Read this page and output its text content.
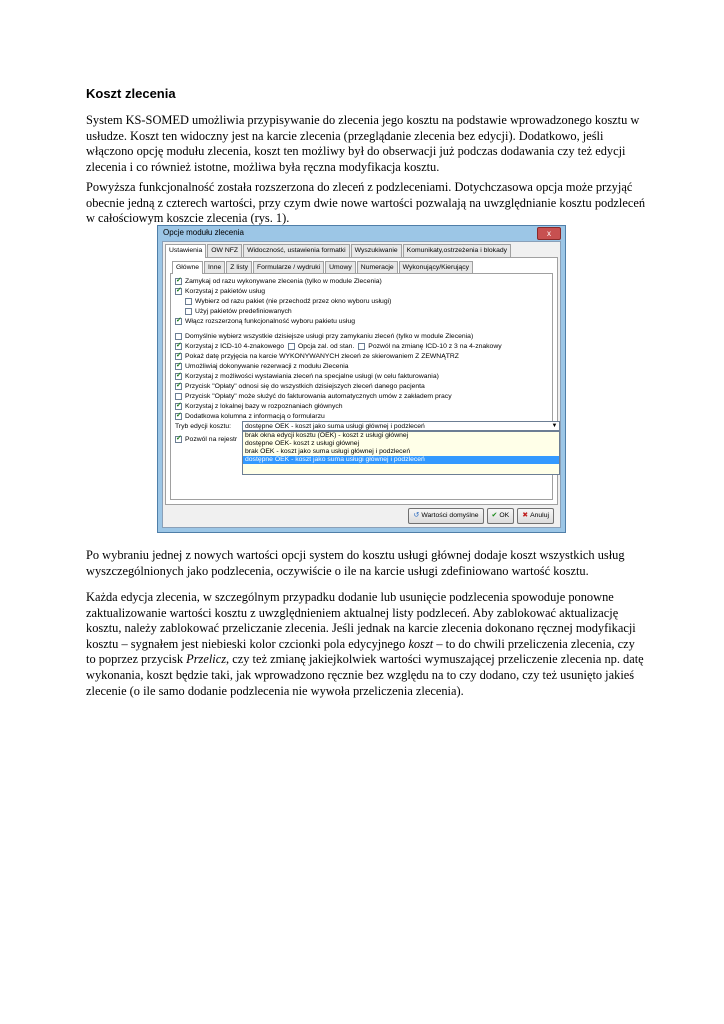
Koszt zlecenia
System KS-SOMED umożliwia przypisywanie do zlecenia jego kosztu na podstawie wprowadzonego kosztu w usłudze. Koszt ten widoczny jest na karcie zlecenia (przeglądanie zlecenia bez edycji). Dodatkowo, jeśli włączono opcję modułu zlecenia, koszt ten możliwy był do obserwacji już podczas dodawania czy też edycji zlecenia i co również istotne, możliwa była ręczna modyfikacja kosztu.
Powyższa funkcjonalność została rozszerzona do zleceń z podzleceniami. Dotychczasowa opcja może przyjąć obecnie jedną z czterech wartości, przy czym dwie nowe wartości pozwalają na uwzględnianie kosztu podzleceń w całościowym koszcie zlecenia (rys. 1).
Opcje modułu zlecenia	x
Ustawienia	OW NFZ	Widoczność, ustawienia formatki	Wyszukiwanie	Komunikaty,ostrzeżenia i blokady
Główne	Inne	Z listy	Formularze / wydruki	Umowy	Numeracje	Wykonujący/Kierujący
✓
Zamykaj od razu wykonywane zlecenia (tylko w module Zlecenia)
✓
Korzystaj z pakietów usług
Wybierz od razu pakiet (nie przechodź przez okno wyboru usługi)
Użyj pakietów predefiniowanych
✓
Włącz rozszerzoną funkcjonalność wyboru pakietu usług
Domyślnie wybierz wszystkie dzisiejsze usługi przy zamykaniu zleceń (tylko w module Zlecenia)
✓
Korzystaj z ICD-10 4-znakowego Opcja zal. od stan. Pozwól na zmianę ICD-10 z 3 na 4-znakowy
✓
Pokaż datę przyjęcia na karcie WYKONYWANYCH zleceń ze skierowaniem Z ZEWNĄTRZ
✓
Umożliwiaj dokonywanie rezerwacji z modułu Zlecenia
✓
Korzystaj z możliwości wystawiania zleceń na specjalne usługi (w celu fakturowania)
✓
Przycisk "Opłaty" odnosi się do wszystkich dzisiejszych zleceń danego pacjenta
Przycisk "Opłaty" może służyć do fakturowania automatycznych umów z zakładem pracy
✓
Korzystaj z lokalnej bazy w rozpoznaniach głównych
✓
Dodatkowa kolumna z informacją o formularzu
Tryb edycji kosztu:	dostępne OEK - koszt jako suma usługi głównej i podzleceń	▼
brak okna edycji kosztu (OEK) - koszt z usługi głównej
dostępne OEK- koszt z usługi głównej
brak OEK - koszt jako suma usługi głównej i podzleceń
dostępne OEK - koszt jako suma usługi głównej i podzleceń
✓
Pozwól na rejestr
↺ Wartości domyślne	✔ OK	✖ Anuluj
Po wybraniu jednej z nowych wartości opcji system do kosztu usługi głównej dodaje koszt wszystkich usług wyszczególnionych jako podzlecenia, oczywiście o ile na karcie usługi zdefiniowano wartość kosztu.
Każda edycja zlecenia, w szczególnym przypadku dodanie lub usunięcie podzlecenia spowoduje ponowne zaktualizowanie wartości kosztu z uwzględnieniem aktualnej listy podzleceń. Aby zablokować aktualizację kosztu, należy zablokować przeliczanie zlecenia. Jeśli jednak na karcie zlecenia dokonano ręcznej modyfikacji kosztu – sygnałem jest niebieski kolor czcionki pola edycyjnego koszt – to do chwili przeliczenia zlecenia, czy to poprzez przycisk Przelicz, czy też zmianę jakiejkolwiek wartości wymuszającej przeliczenie zlecenia np. datę wykonania, koszt będzie taki, jak wprowadzono ręcznie bez względu na to czy dodano, czy też usunięto jakieś zlecenie (o ile samo dodanie podzlecenia nie wywoła przeliczenia zlecenia).
